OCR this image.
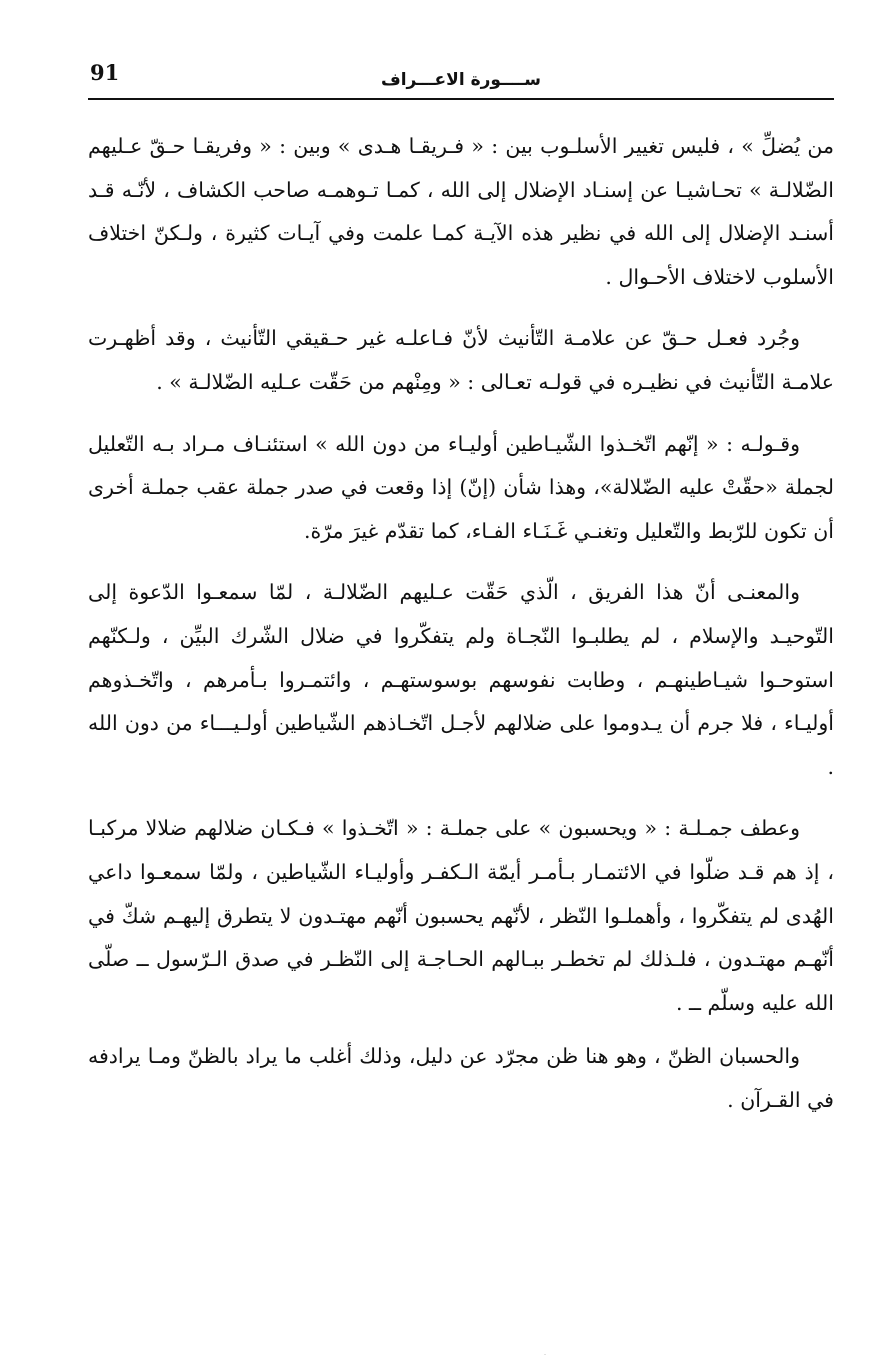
91	ســــورة الاعـــراف

من يُضلِّ » ، فليس تغيير الأسلـوب بين : « فـريقـا هـدى » وبين : « وفريقـا حـقّ عـليهم الضّلالـة » تحـاشيـا عن إسنـاد الإضلال إلى الله ، كمـا تـوهمـه صاحب الكشاف ، لأنّـه قـد أسنـد الإضلال إلى الله في نظير هذه الآيـة كمـا علمت وفي آيـات كثيرة ، ولـكنّ اختلاف الأسلوب لاختلاف الأحـوال .

وجُرد فعـل حـقّ عن علامـة التّأنيث لأنّ فـاعلـه غير حـقيقي التّأنيث ، وقد أظهـرت علامـة التّأنيث في نظيـره في قولـه تعـالى : « ومِنْهم من حَقّت عـليه الضّلالـة » .

وقـولـه : « إنّهم اتّخـذوا الشّيـاطين أوليـاء من دون الله » استئنـاف مـراد بـه التّعليل لجملة «حقّتْ عليه الضّلالة»، وهذا شأن (إنّ) إذا وقعت في صدر جملة عقب جملـة أخرى أن تكون للرّبط والتّعليل وتغنـي غَـنَـاء الفـاء، كما تقدّم غيرَ مرّة.

والمعنـى أنّ هذا الفريق ، الّذي حَقّت عـليهم الضّلالـة ، لمّا سمعـوا الدّعوة إلى التّوحيـد والإسلام ، لم يطلبـوا النّجـاة ولم يتفكّروا في ضلال الشّرك البيِّن ، ولـكنّهم استوحـوا شيـاطينهـم ، وطابت نفوسهم بوسوستهـم ، وائتمـروا بـأمرهم ، واتّخـذوهم أوليـاء ، فلا جرم أن يـدوموا على ضلالهم لأجـل اتّخـاذهم الشّياطين أولـيـــاء من دون الله .

وعطف جمـلـة : « ويحسبون » على جملـة : « اتّخـذوا » فـكـان ضلالهم ضلالا مركبـا ، إذ هم قـد ضلّوا في الائتمـار بـأمـر أيمّة الـكفـر وأوليـاء الشّياطين ، ولمّا سمعـوا داعي الهُدى لم يتفكّروا ، وأهملـوا النّظر ، لأنّهم يحسبون أنّهم مهتـدون لا يتطرق إليهـم شكّ في أنّهـم مهتـدون ، فلـذلك لم تخطـر ببـالهم الحـاجـة إلى النّظـر في صدق الـرّسول ــ صلّى الله عليه وسلّم ــ .

والحسبان الظنّ ، وهو هنا ظن مجرّد عن دليل، وذلك أغلب ما يراد بالظنّ ومـا يرادفه في القـرآن .

٠
